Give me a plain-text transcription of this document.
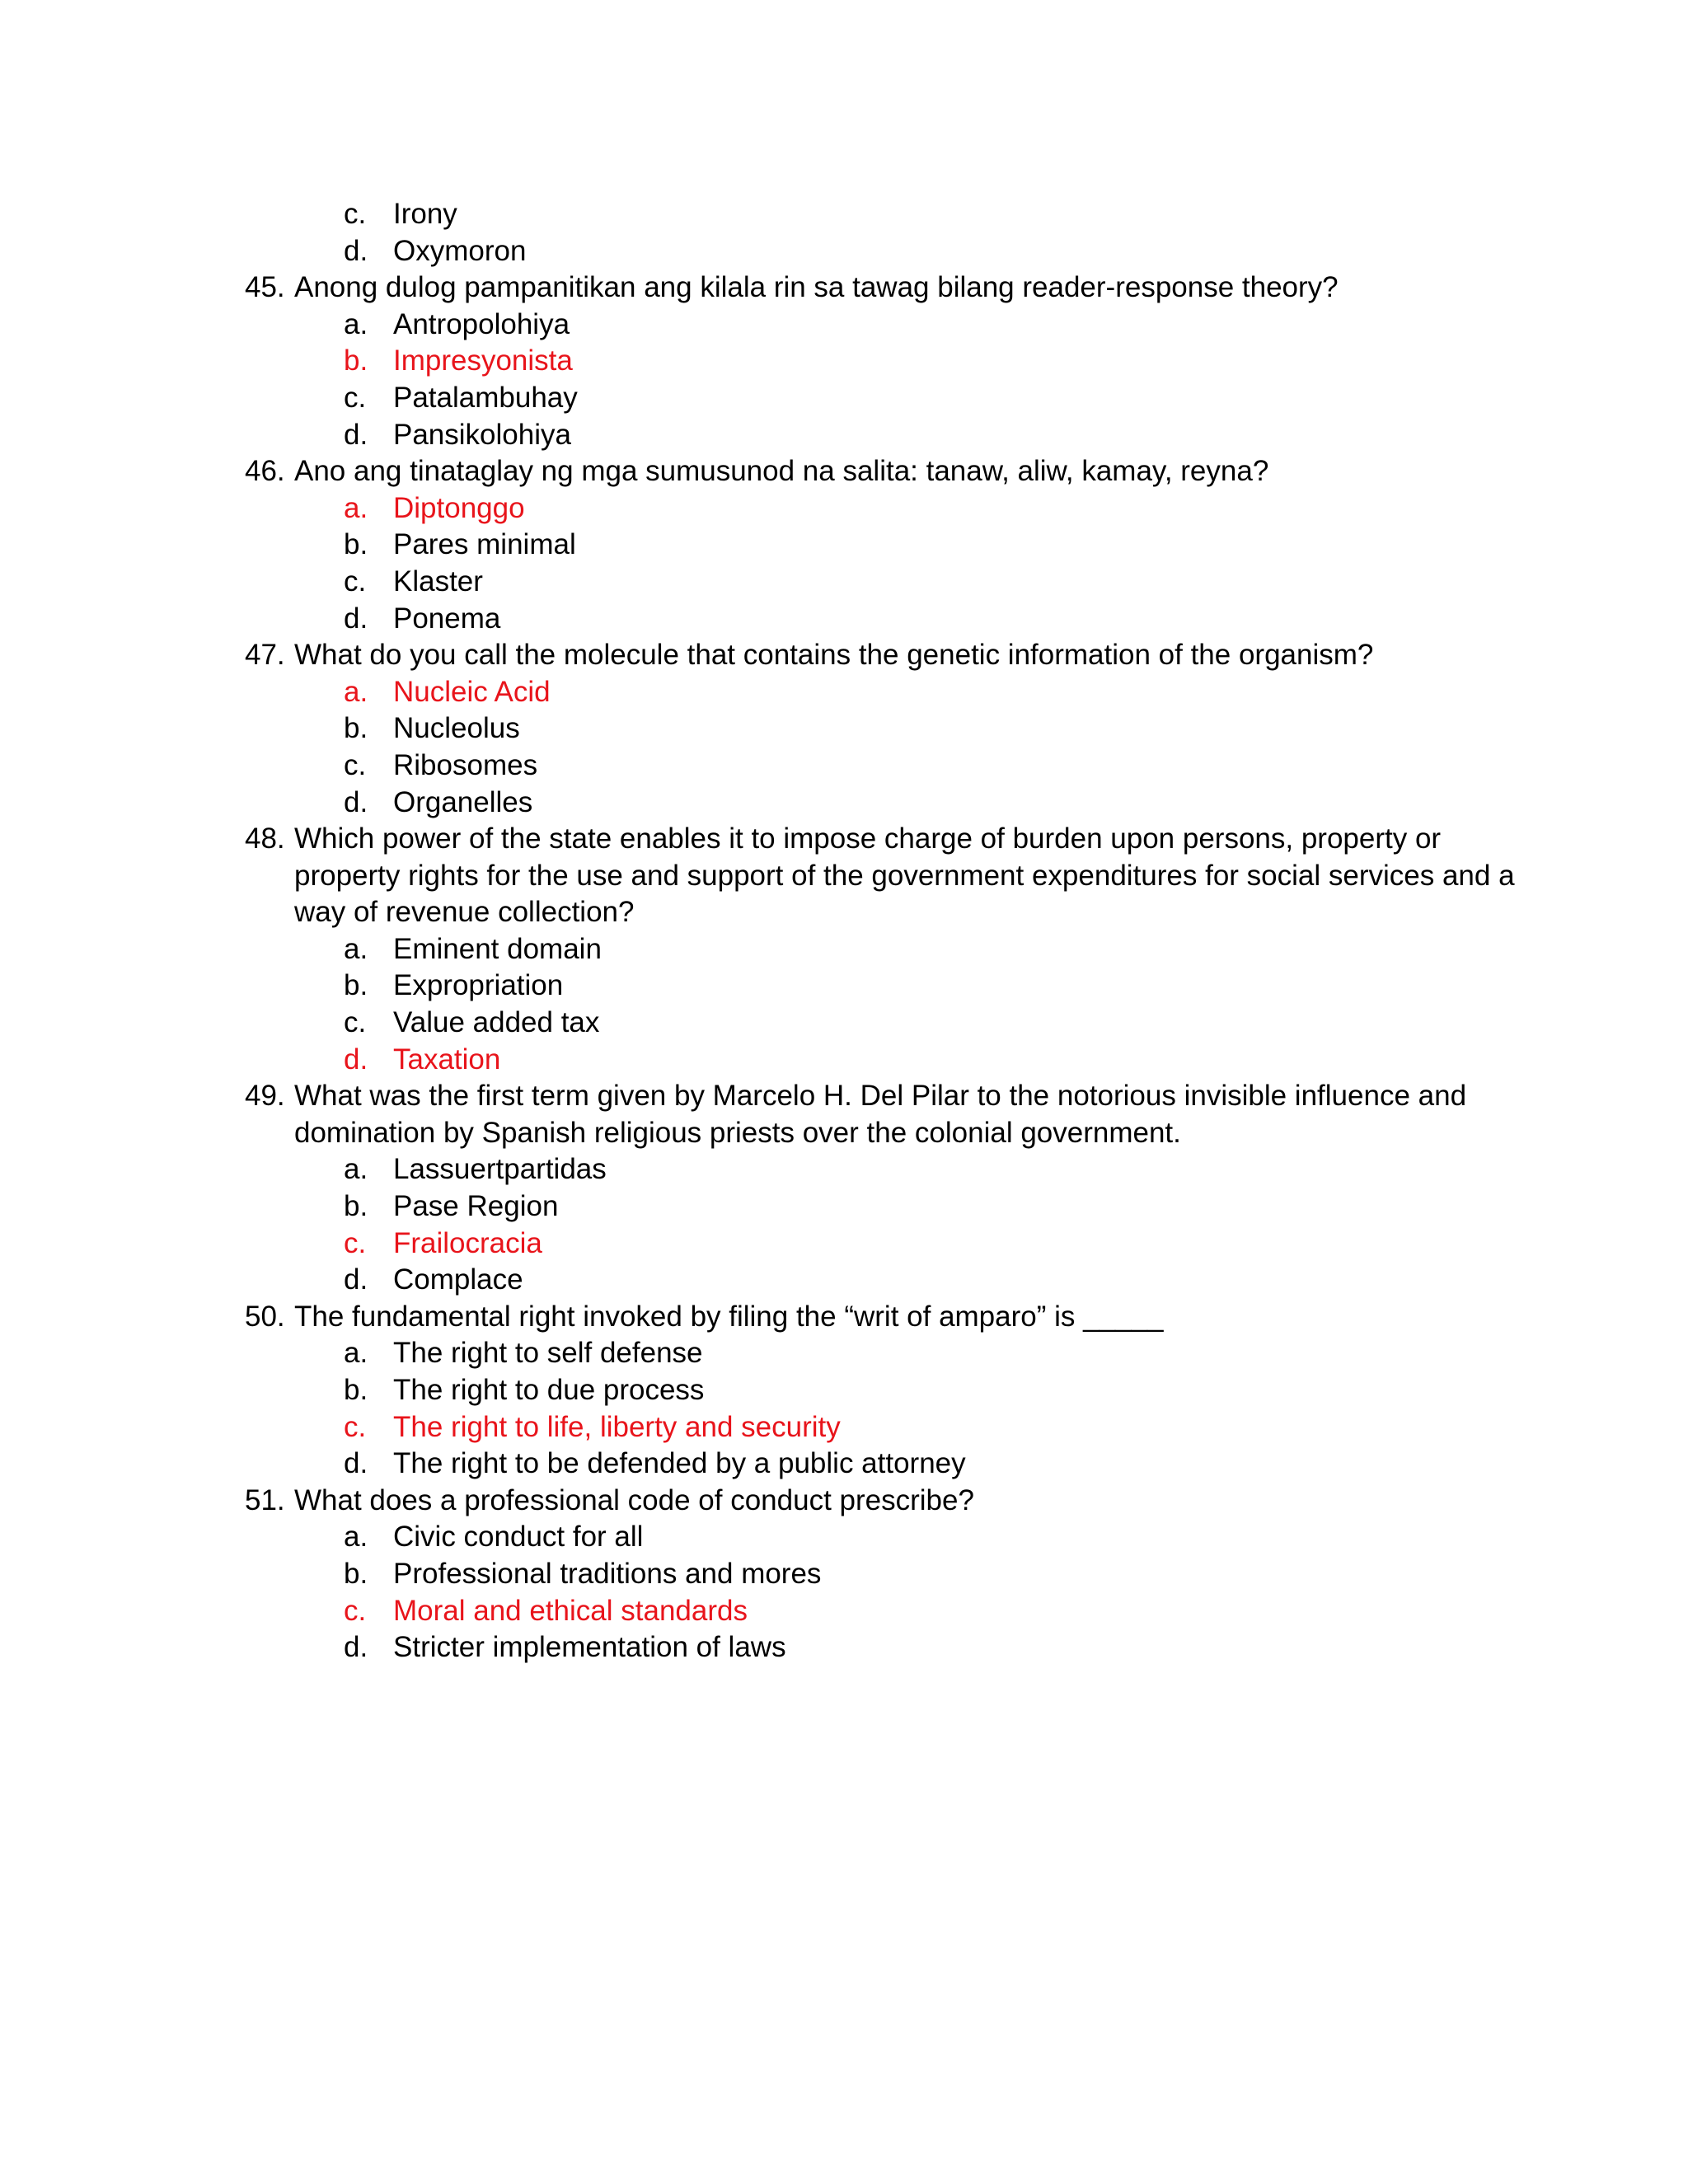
c. Irony
d. Oxymoron
45. Anong dulog pampanitikan ang kilala rin sa tawag bilang reader-response theory?
a. Antropolohiya
b. Impresyonista
c. Patalambuhay
d. Pansikolohiya
46. Ano ang tinataglay ng mga sumusunod na salita: tanaw, aliw, kamay, reyna?
a. Diptonggo
b. Pares minimal
c. Klaster
d. Ponema
47. What do you call the molecule that contains the genetic information of the organism?
a. Nucleic Acid
b. Nucleolus
c. Ribosomes
d. Organelles
48. Which power of the state enables it to impose charge of burden upon persons, property or
property rights for the use and support of the government expenditures for social services and a
way of revenue collection?
a. Eminent domain
b. Expropriation
c. Value added tax
d. Taxation
49. What was the first term given by Marcelo H. Del Pilar to the notorious invisible influence and
domination by Spanish religious priests over the colonial government.
a. Lassuertpartidas
b. Pase Region
c. Frailocracia
d. Complace
50. The fundamental right invoked by filing the “writ of amparo” is _____
a. The right to self defense
b. The right to due process
c. The right to life, liberty and security
d. The right to be defended by a public attorney
51. What does a professional code of conduct prescribe?
a. Civic conduct for all
b. Professional traditions and mores
c. Moral and ethical standards
d. Stricter implementation of laws
